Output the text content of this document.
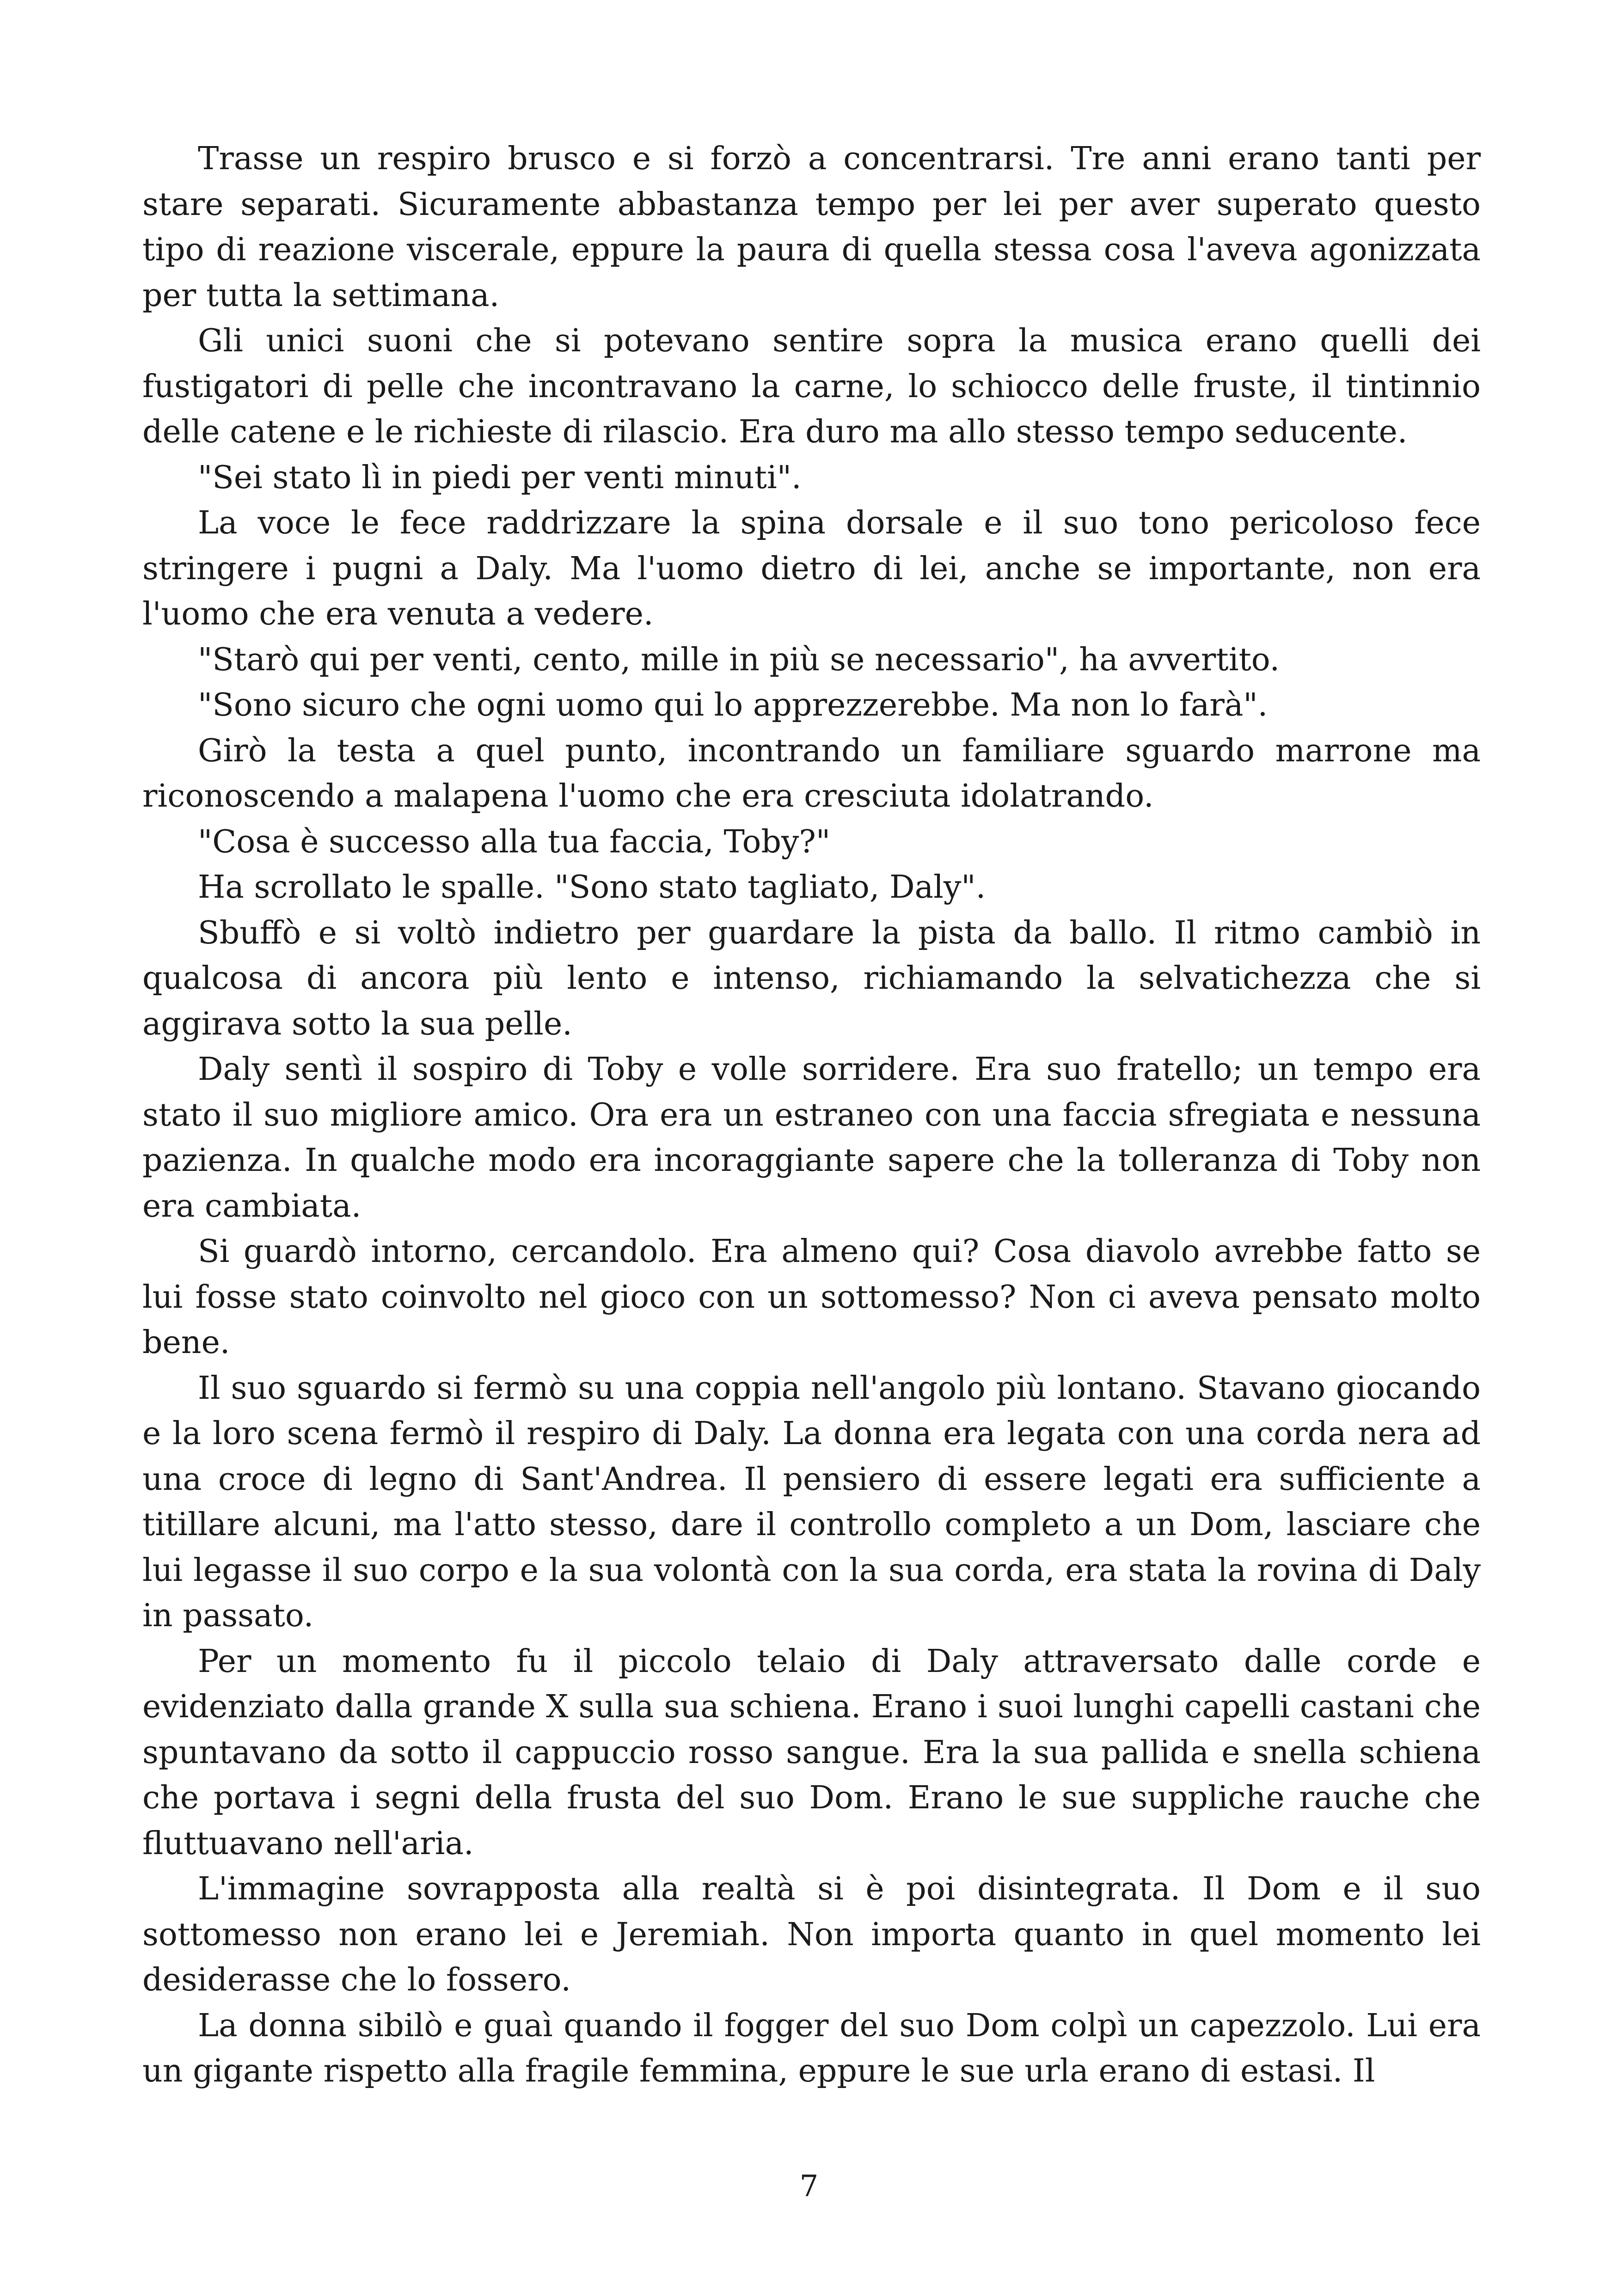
Trasse un respiro brusco e si forzò a concentrarsi. Tre anni erano tanti per stare separati. Sicuramente abbastanza tempo per lei per aver superato questo tipo di reazione viscerale, eppure la paura di quella stessa cosa l'aveva agonizzata per tutta la settimana.

Gli unici suoni che si potevano sentire sopra la musica erano quelli dei fustigatori di pelle che incontravano la carne, lo schiocco delle fruste, il tintinnio delle catene e le richieste di rilascio. Era duro ma allo stesso tempo seducente.

"Sei stato lì in piedi per venti minuti".

La voce le fece raddrizzare la spina dorsale e il suo tono pericoloso fece stringere i pugni a Daly. Ma l'uomo dietro di lei, anche se importante, non era l'uomo che era venuta a vedere.

"Starò qui per venti, cento, mille in più se necessario", ha avvertito.

"Sono sicuro che ogni uomo qui lo apprezzerebbe. Ma non lo farà".

Girò la testa a quel punto, incontrando un familiare sguardo marrone ma riconoscendo a malapena l'uomo che era cresciuta idolatrando.

"Cosa è successo alla tua faccia, Toby?"

Ha scrollato le spalle. "Sono stato tagliato, Daly".

Sbuffò e si voltò indietro per guardare la pista da ballo. Il ritmo cambiò in qualcosa di ancora più lento e intenso, richiamando la selvatichezza che si aggirava sotto la sua pelle.

Daly sentì il sospiro di Toby e volle sorridere. Era suo fratello; un tempo era stato il suo migliore amico. Ora era un estraneo con una faccia sfregiata e nessuna pazienza. In qualche modo era incoraggiante sapere che la tolleranza di Toby non era cambiata.

Si guardò intorno, cercandolo. Era almeno qui? Cosa diavolo avrebbe fatto se lui fosse stato coinvolto nel gioco con un sottomesso? Non ci aveva pensato molto bene.

Il suo sguardo si fermò su una coppia nell'angolo più lontano. Stavano giocando e la loro scena fermò il respiro di Daly. La donna era legata con una corda nera ad una croce di legno di Sant'Andrea. Il pensiero di essere legati era sufficiente a titillare alcuni, ma l'atto stesso, dare il controllo completo a un Dom, lasciare che lui legasse il suo corpo e la sua volontà con la sua corda, era stata la rovina di Daly in passato.

Per un momento fu il piccolo telaio di Daly attraversato dalle corde e evidenziato dalla grande X sulla sua schiena. Erano i suoi lunghi capelli castani che spuntavano da sotto il cappuccio rosso sangue. Era la sua pallida e snella schiena che portava i segni della frusta del suo Dom. Erano le sue suppliche rauche che fluttuavano nell'aria.

L'immagine sovrapposta alla realtà si è poi disintegrata. Il Dom e il suo sottomesso non erano lei e Jeremiah. Non importa quanto in quel momento lei desiderasse che lo fossero.

La donna sibilò e guaì quando il fogger del suo Dom colpì un capezzolo. Lui era un gigante rispetto alla fragile femmina, eppure le sue urla erano di estasi. Il

7
